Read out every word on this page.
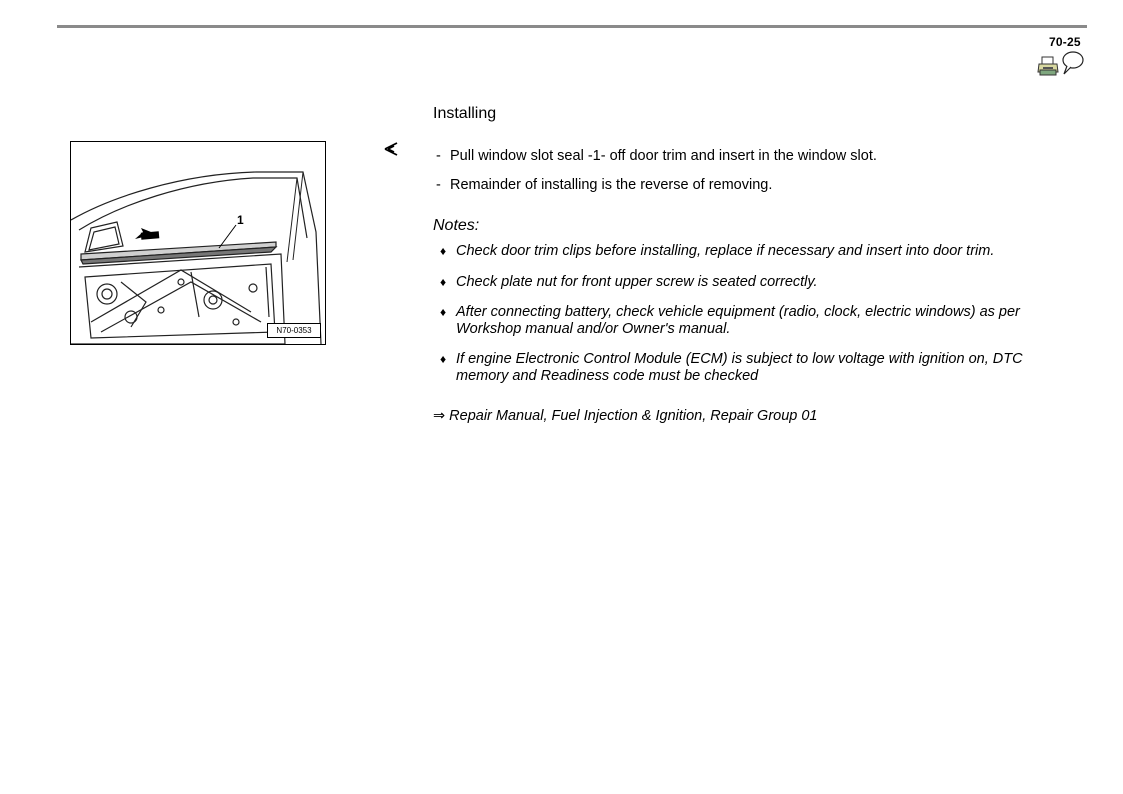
70-25
1
N70-0353
Installing
- Pull window slot seal -1- off door trim and insert in the window slot.
- Remainder of installing is the reverse of removing.
Notes:
♦ Check door trim clips before installing, replace if necessary and insert into door trim.
♦ Check plate nut for front upper screw is seated correctly.
♦ After connecting battery, check vehicle equipment (radio, clock, electric windows) as per Workshop manual and/or Owner's manual.
♦ If engine Electronic Control Module (ECM) is subject to low voltage with ignition on, DTC memory and Readiness code must be checked
⇒ Repair Manual, Fuel Injection & Ignition, Repair Group 01
